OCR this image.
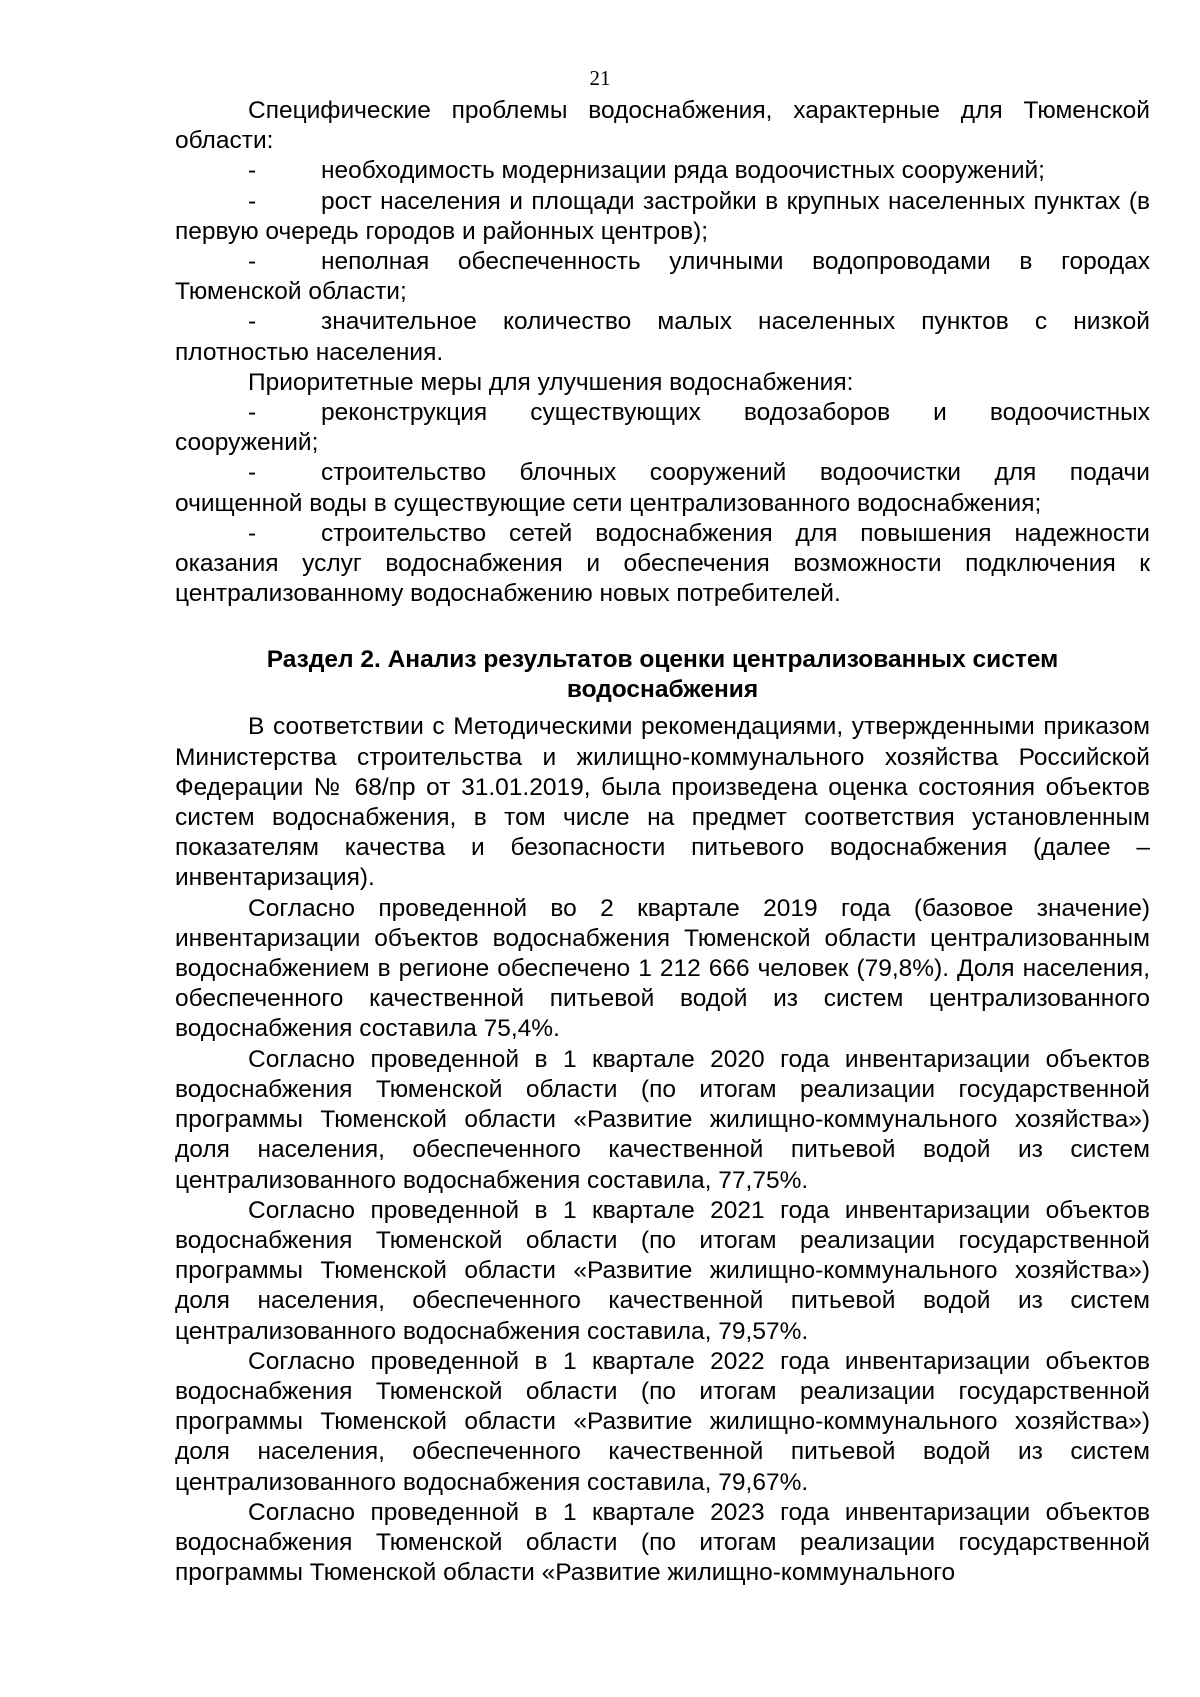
21

Специфические проблемы водоснабжения, характерные для Тюменской области:

-	необходимость модернизации ряда водоочистных сооружений;

-	рост населения и площади застройки в крупных населенных пунктах (в первую очередь городов и районных центров);

-	неполная обеспеченность уличными водопроводами в городах Тюменской области;

-	значительное количество малых населенных пунктов с низкой плотностью населения.

Приоритетные меры для улучшения водоснабжения:

-	реконструкция существующих водозаборов и водоочистных сооружений;

-	строительство блочных сооружений водоочистки для подачи очищенной воды в существующие сети централизованного водоснабжения;

-	строительство сетей водоснабжения для повышения надежности оказания услуг водоснабжения и обеспечения возможности подключения к централизованному водоснабжению новых потребителей.

Раздел 2. Анализ результатов оценки централизованных систем водоснабжения

В соответствии с Методическими рекомендациями, утвержденными приказом Министерства строительства и жилищно-коммунального хозяйства Российской Федерации № 68/пр от 31.01.2019, была произведена оценка состояния объектов систем водоснабжения, в том числе на предмет соответствия установленным показателям качества и безопасности питьевого водоснабжения (далее – инвентаризация).

Согласно проведенной во 2 квартале 2019 года (базовое значение) инвентаризации объектов водоснабжения Тюменской области централизованным водоснабжением в регионе обеспечено 1 212 666 человек (79,8%). Доля населения, обеспеченного качественной питьевой водой из систем централизованного водоснабжения составила 75,4%.

Согласно проведенной в 1 квартале 2020 года инвентаризации объектов водоснабжения Тюменской области (по итогам реализации государственной программы Тюменской области «Развитие жилищно-коммунального хозяйства») доля населения, обеспеченного качественной питьевой водой из систем централизованного водоснабжения составила, 77,75%.

Согласно проведенной в 1 квартале 2021 года инвентаризации объектов водоснабжения Тюменской области (по итогам реализации государственной программы Тюменской области «Развитие жилищно-коммунального хозяйства») доля населения, обеспеченного качественной питьевой водой из систем централизованного водоснабжения составила, 79,57%.

Согласно проведенной в 1 квартале 2022 года инвентаризации объектов водоснабжения Тюменской области (по итогам реализации государственной программы Тюменской области «Развитие жилищно-коммунального хозяйства») доля населения, обеспеченного качественной питьевой водой из систем централизованного водоснабжения составила, 79,67%.

Согласно проведенной в 1 квартале 2023 года инвентаризации объектов водоснабжения Тюменской области (по итогам реализации государственной программы Тюменской области «Развитие жилищно-коммунального
